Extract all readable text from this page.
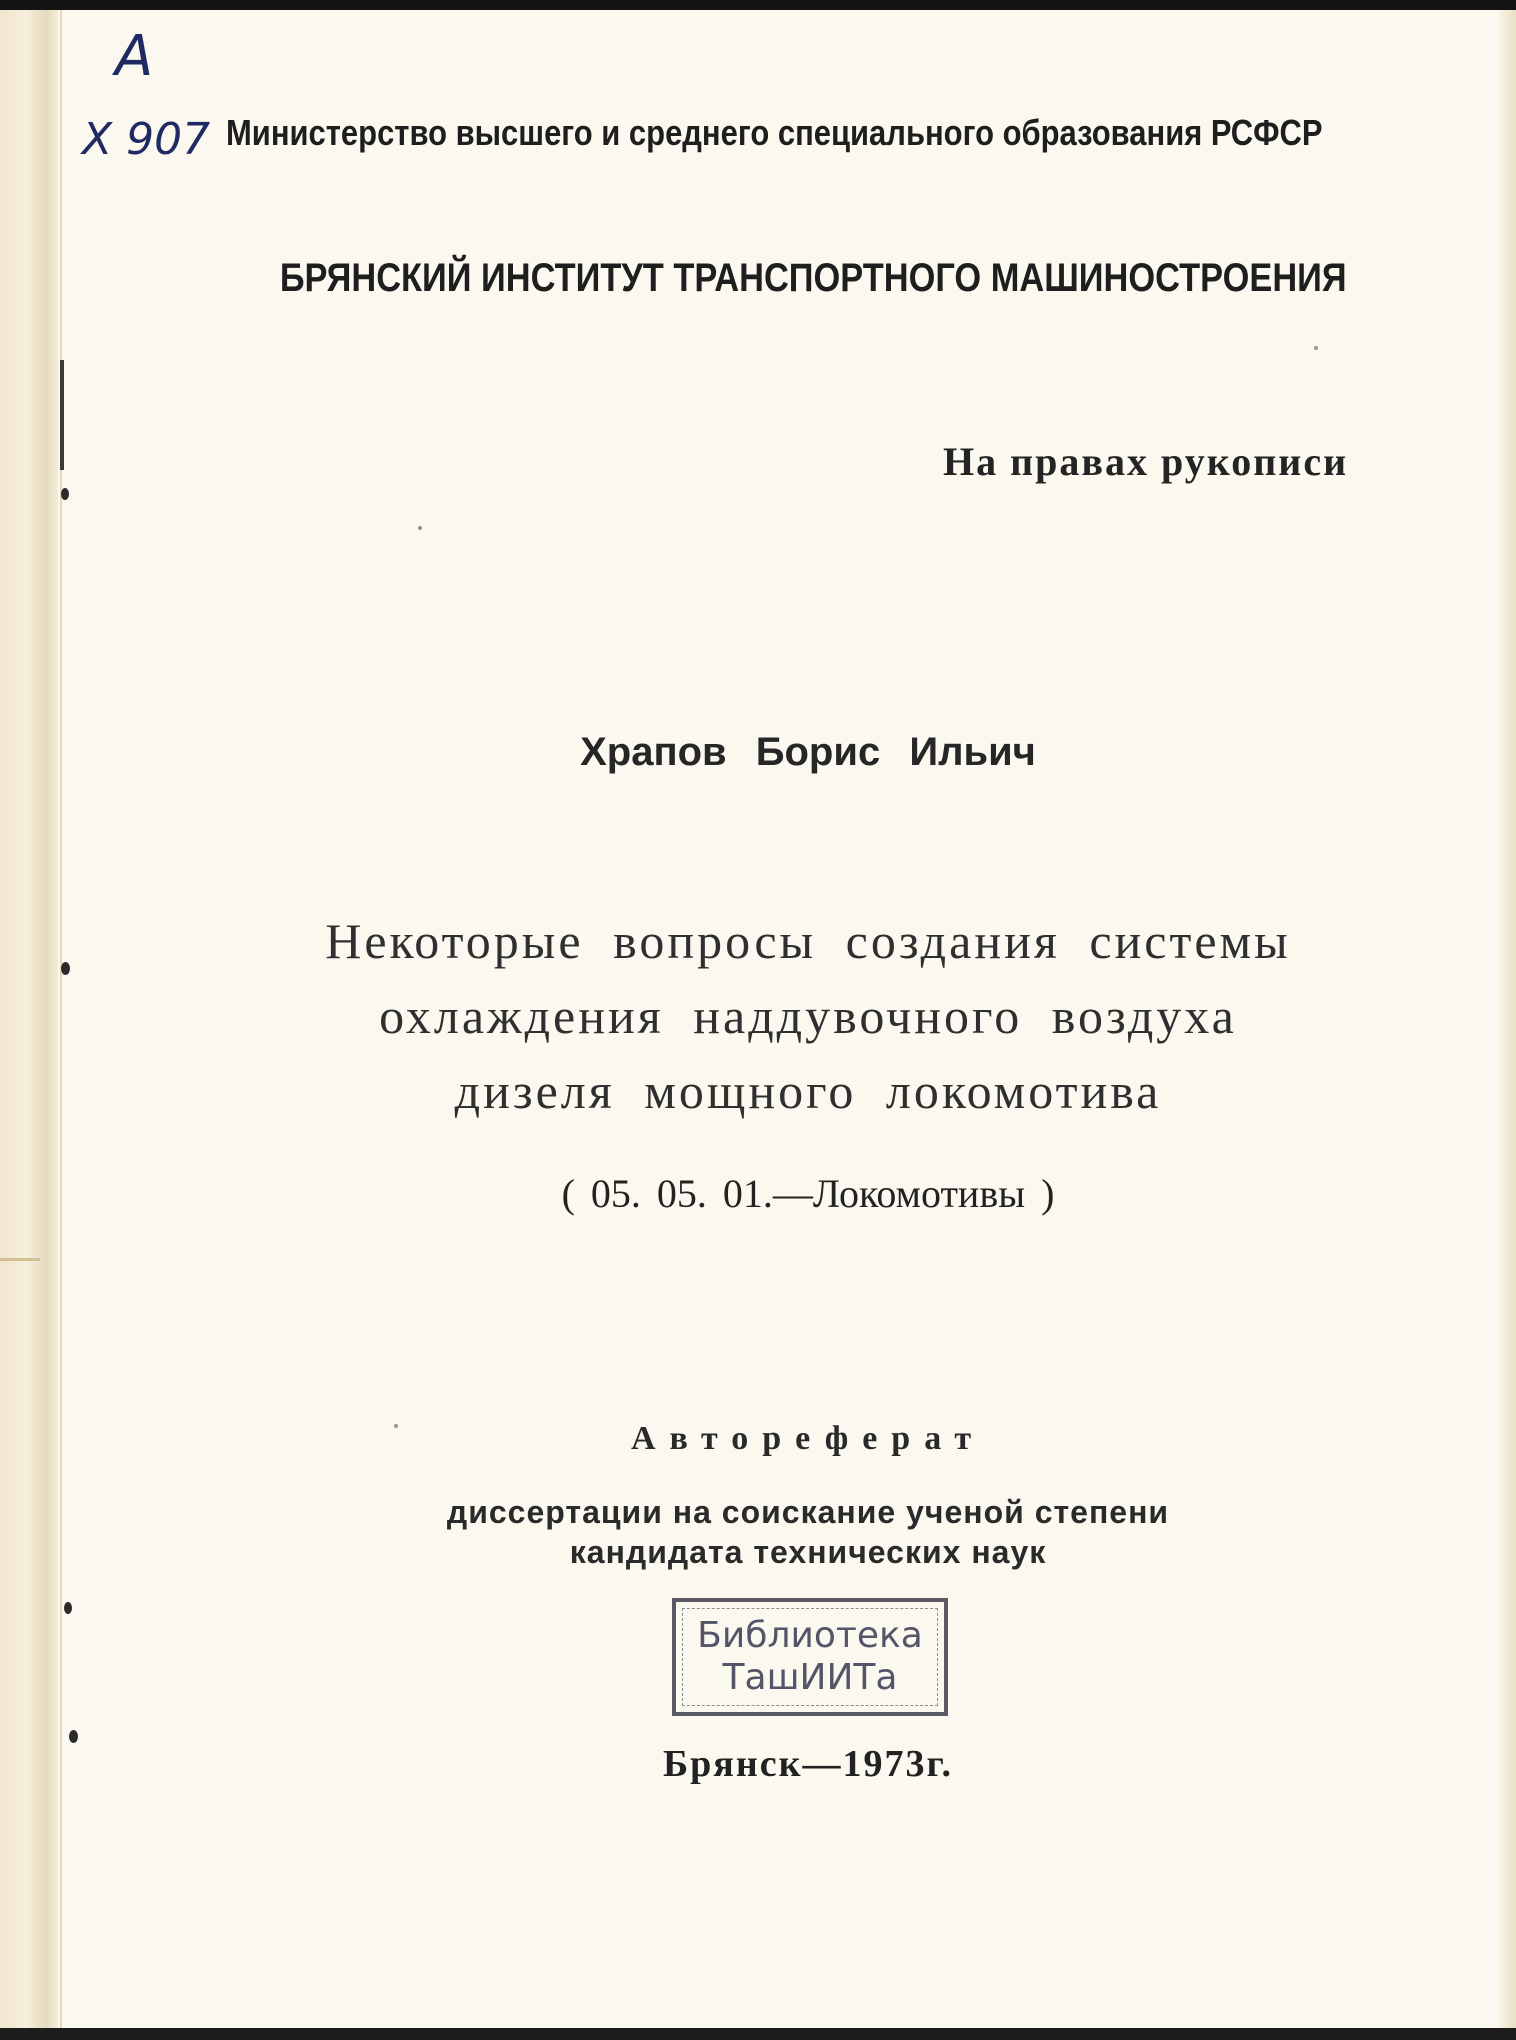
А
Х 907 Министерство высшего и среднего специального образования РСФСР
БРЯНСКИЙ ИНСТИТУТ ТРАНСПОРТНОГО МАШИНОСТРОЕНИЯ
На правах рукописи
Храпов Борис Ильич
Некоторые вопросы создания системы
охлаждения наддувочного воздуха
дизеля мощного локомотива
( 05. 05. 01.—Локомотивы )
Автореферат
диссертации на соискание ученой степени
кандидата технических наук
Библиотека
ТашИИТа
Брянск—1973г.
